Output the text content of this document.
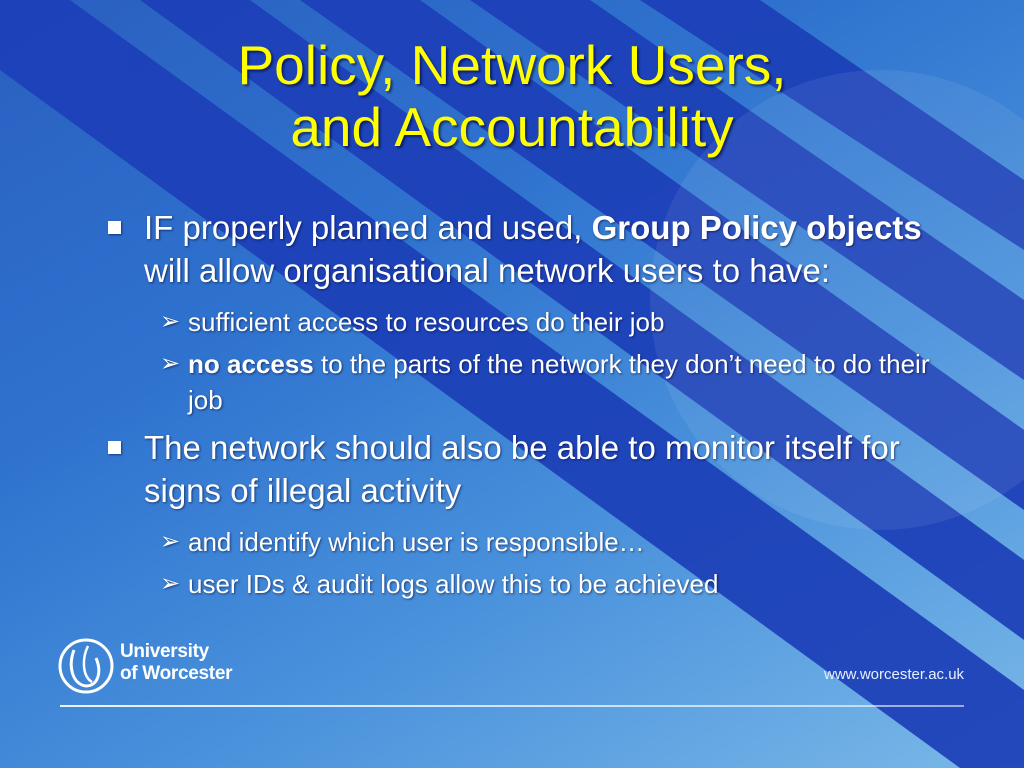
Policy, Network Users,
and Accountability
IF properly planned and used, Group Policy objects will allow organisational network users to have:
➢ sufficient access to resources do their job
➢ no access to the parts of the network they don’t need to do their job
The network should also be able to monitor itself for signs of illegal activity
➢ and identify which user is responsible…
➢ user IDs & audit logs allow this to be achieved
University
of Worcester	www.worcester.ac.uk
